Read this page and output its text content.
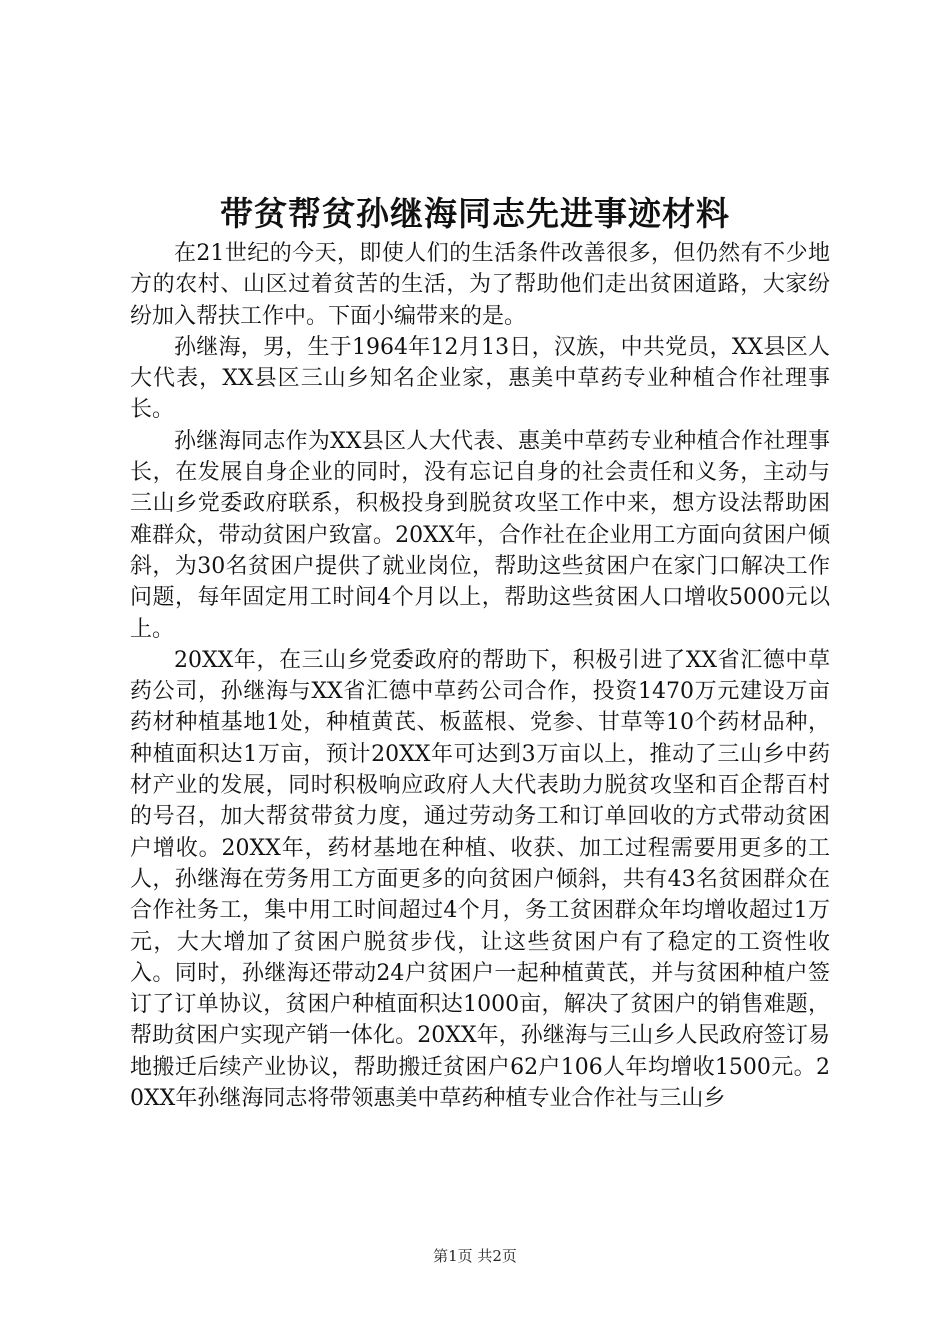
带贫帮贫孙继海同志先进事迹材料

在21世纪的今天，即使人们的生活条件改善很多，但仍然有不少地方的农村、山区过着贫苦的生活，为了帮助他们走出贫困道路，大家纷纷加入帮扶工作中。下面小编带来的是。

孙继海，男，生于1964年12月13日，汉族，中共党员，XX县区人大代表，XX县区三山乡知名企业家，惠美中草药专业种植合作社理事长。

孙继海同志作为XX县区人大代表、惠美中草药专业种植合作社理事长，在发展自身企业的同时，没有忘记自身的社会责任和义务，主动与三山乡党委政府联系，积极投身到脱贫攻坚工作中来，想方设法帮助困难群众，带动贫困户致富。20XX年，合作社在企业用工方面向贫困户倾斜，为30名贫困户提供了就业岗位，帮助这些贫困户在家门口解决工作问题，每年固定用工时间4个月以上，帮助这些贫困人口增收5000元以上。

20XX年，在三山乡党委政府的帮助下，积极引进了XX省汇德中草药公司，孙继海与XX省汇德中草药公司合作，投资1470万元建设万亩药材种植基地1处，种植黄芪、板蓝根、党参、甘草等10个药材品种，种植面积达1万亩，预计20XX年可达到3万亩以上，推动了三山乡中药材产业的发展，同时积极响应政府人大代表助力脱贫攻坚和百企帮百村的号召，加大帮贫带贫力度，通过劳动务工和订单回收的方式带动贫困户增收。20XX年，药材基地在种植、收获、加工过程需要用更多的工人，孙继海在劳务用工方面更多的向贫困户倾斜，共有43名贫困群众在合作社务工，集中用工时间超过4个月，务工贫困群众年均增收超过1万元，大大增加了贫困户脱贫步伐，让这些贫困户有了稳定的工资性收入。同时，孙继海还带动24户贫困户一起种植黄芪，并与贫困种植户签订了订单协议，贫困户种植面积达1000亩，解决了贫困户的销售难题，帮助贫困户实现产销一体化。20XX年，孙继海与三山乡人民政府签订易地搬迁后续产业协议，帮助搬迁贫困户62户106人年均增收1500元。20XX年孙继海同志将带领惠美中草药种植专业合作社与三山乡

第1页 共2页
